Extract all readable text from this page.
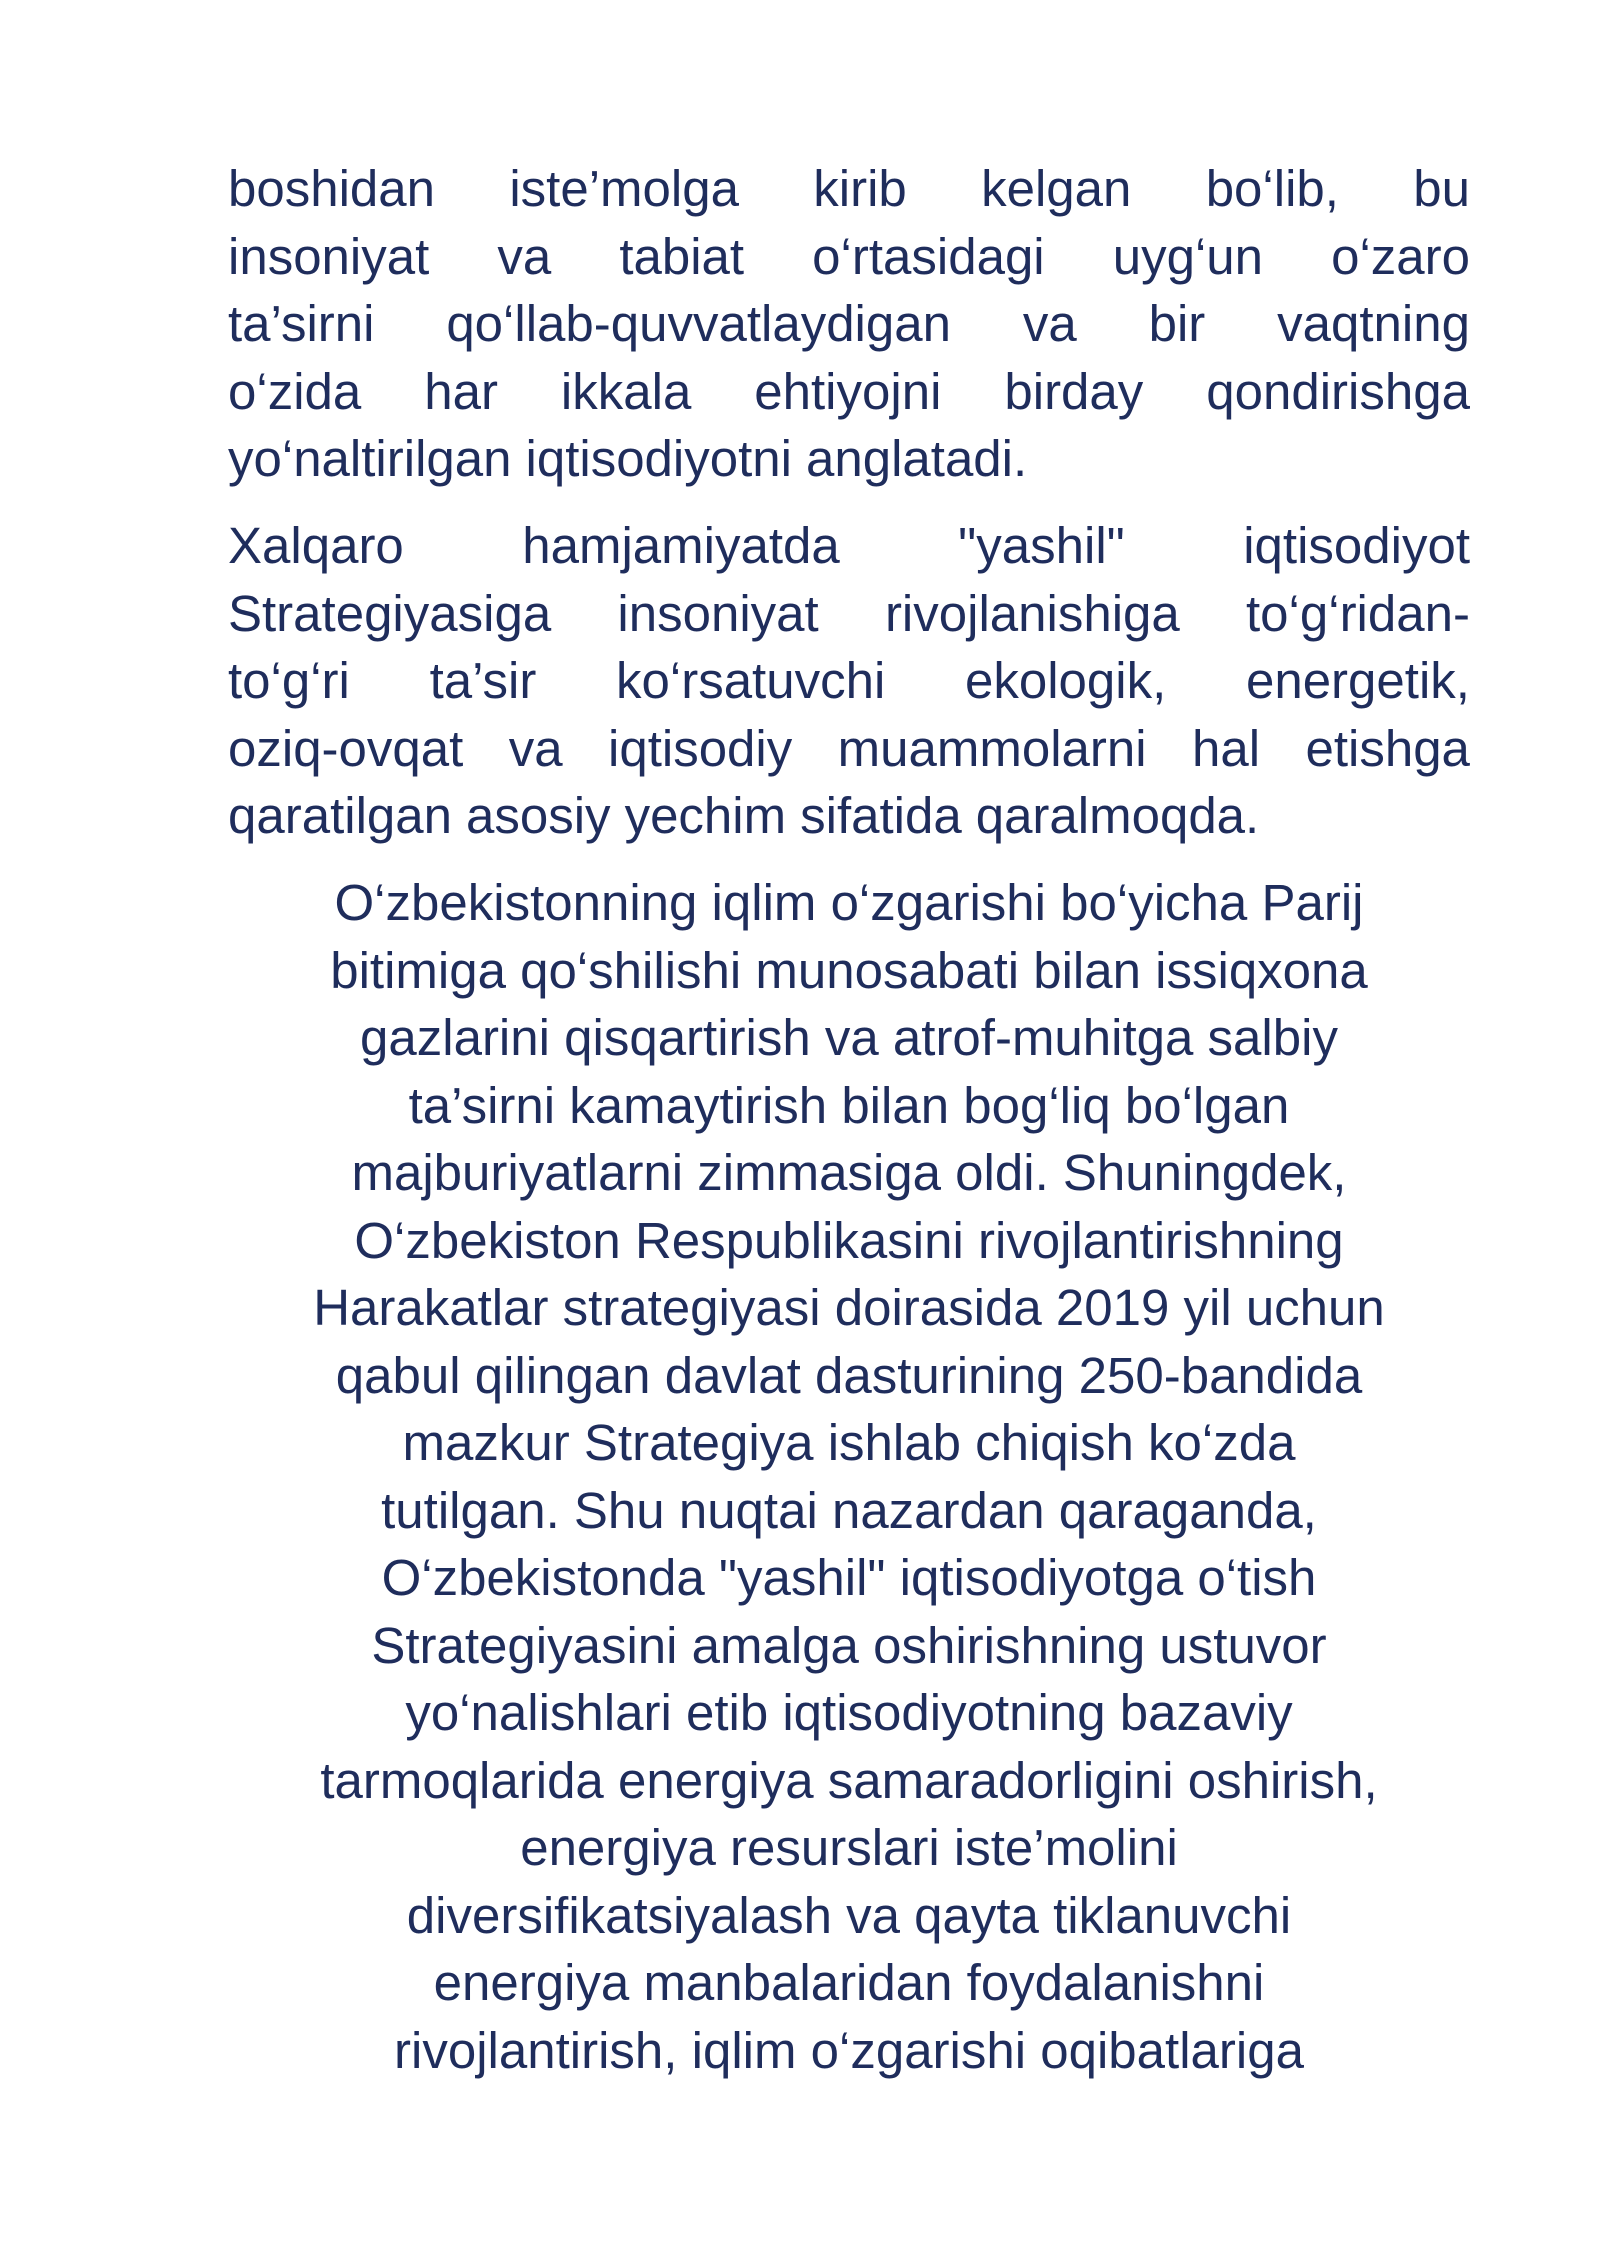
boshidan iste’molga kirib kelgan bo‘lib, bu
insoniyat va tabiat o‘rtasidagi uyg‘un o‘zaro
ta’sirni qo‘llab-quvvatlaydigan va bir vaqtning
o‘zida har ikkala ehtiyojni birday qondirishga
yo‘naltirilgan iqtisodiyotni anglatadi.
Xalqaro hamjamiyatda "yashil" iqtisodiyot
Strategiyasiga insoniyat rivojlanishiga to‘g‘ridan-
to‘g‘ri ta’sir ko‘rsatuvchi ekologik, energetik,
oziq-ovqat va iqtisodiy muammolarni hal etishga
qaratilgan asosiy yechim sifatida qaralmoqda.
O‘zbekistonning iqlim o‘zgarishi bo‘yicha Parij
bitimiga qo‘shilishi munosabati bilan issiqxona
gazlarini qisqartirish va atrof-muhitga salbiy
ta’sirni kamaytirish bilan bog‘liq bo‘lgan
majburiyatlarni zimmasiga oldi. Shuningdek,
O‘zbekiston Respublikasini rivojlantirishning
Harakatlar strategiyasi doirasida 2019 yil uchun
qabul qilingan davlat dasturining 250-bandida
mazkur Strategiya ishlab chiqish ko‘zda
tutilgan. Shu nuqtai nazardan qaraganda,
O‘zbekistonda "yashil" iqtisodiyotga o‘tish
Strategiyasini amalga oshirishning ustuvor
yo‘nalishlari etib iqtisodiyotning bazaviy
tarmoqlarida energiya samaradorligini oshirish,
energiya resurslari iste’molini
diversifikatsiyalash va qayta tiklanuvchi
energiya manbalaridan foydalanishni
rivojlantirish, iqlim o‘zgarishi oqibatlariga
